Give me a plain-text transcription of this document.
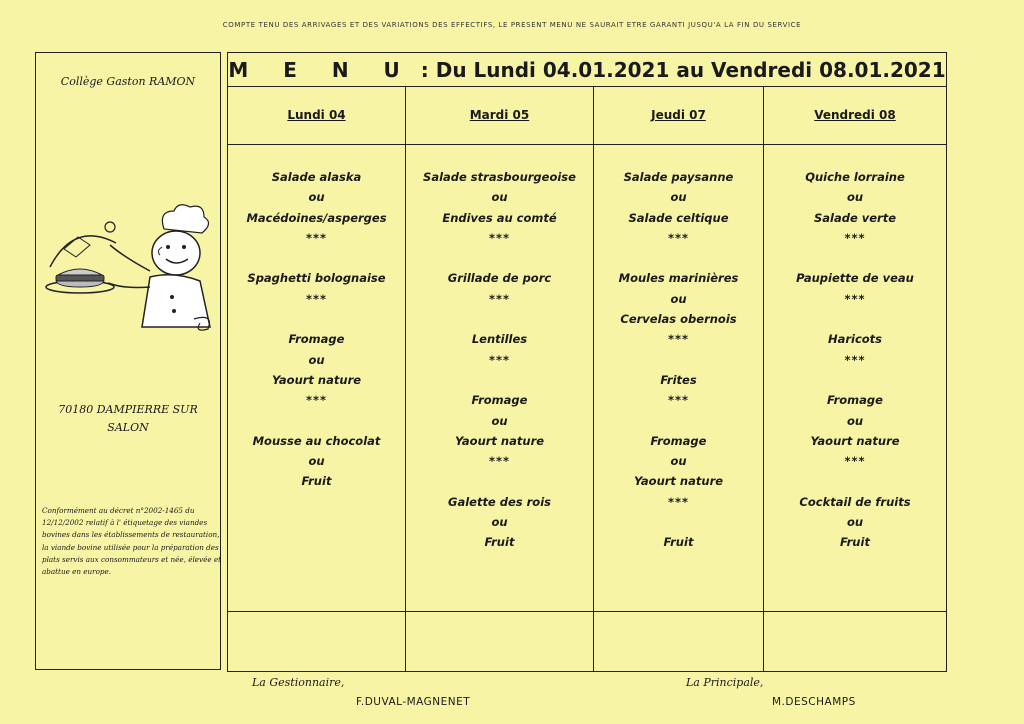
COMPTE TENU DES ARRIVAGES ET DES VARIATIONS DES EFFECTIFS, LE PRESENT MENU NE SAURAIT ETRE GARANTI JUSQU'A LA FIN DU SERVICE
Collège Gaston RAMON
70180 DAMPIERRE SUR
SALON
Conformément au décret n°2002-1465 du 12/12/2002 relatif à l' étiquetage des viandes bovines dans les établissements de restauration, la viande bovine utilisée pour la préparation des plats servis aux consommateurs et née, élevée et abattue en europe.
M E N U : Du Lundi 04.01.2021 au Vendredi 08.01.2021
Lundi 04
Salade alaska
ou
Macédoines/asperges
***
Spaghetti bolognaise
***
Fromage
ou
Yaourt nature
***
Mousse au chocolat
ou
Fruit
Mardi 05
Salade strasbourgeoise
ou
Endives au comté
***
Grillade de porc
***
Lentilles
***
Fromage
ou
Yaourt nature
***
Galette des rois
ou
Fruit
Jeudi 07
Salade paysanne
ou
Salade celtique
***
Moules marinières
ou
Cervelas obernois
***
Frites
***
Fromage
ou
Yaourt nature
***
Fruit
Vendredi 08
Quiche lorraine
ou
Salade verte
***
Paupiette de veau
***
Haricots
***
Fromage
ou
Yaourt nature
***
Cocktail de fruits
ou
Fruit
La Gestionnaire,
F.DUVAL-MAGNENET
La Principale,
M.DESCHAMPS
